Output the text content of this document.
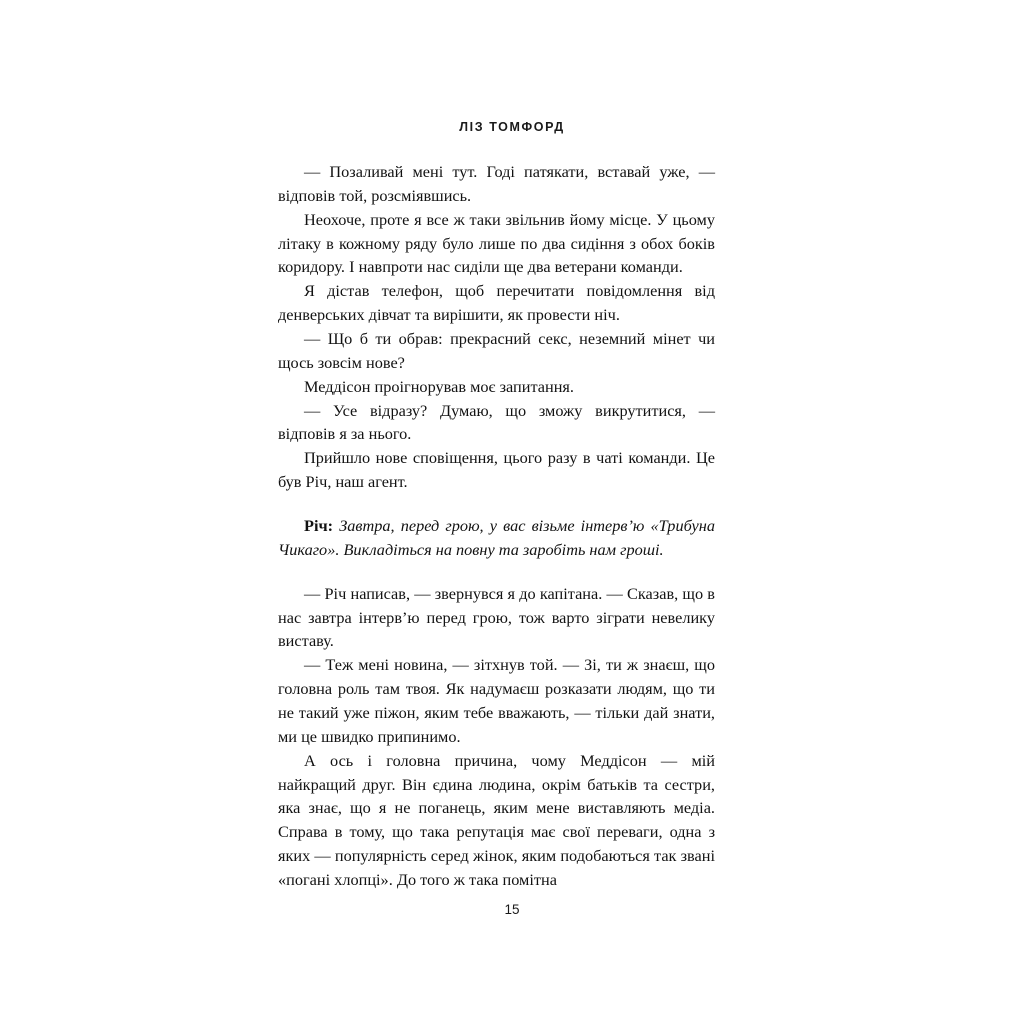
ЛІЗ ТОМФОРД

— Позаливай мені тут. Годі патякати, вставай уже, — відповів той, розсміявшись.

Неохоче, проте я все ж таки звільнив йому місце. У цьому літаку в кожному ряду було лише по два сидіння з обох боків коридору. І навпроти нас сиділи ще два ветерани команди.

Я дістав телефон, щоб перечитати повідомлення від денверських дівчат та вирішити, як провести ніч.

— Що б ти обрав: прекрасний секс, неземний мінет чи щось зовсім нове?

Меддісон проігнорував моє запитання.

— Усе відразу? Думаю, що зможу викрутитися, — відповів я за нього.

Прийшло нове сповіщення, цього разу в чаті команди. Це був Річ, наш агент.

Річ: Завтра, перед грою, у вас візьме інтерв’ю «Трибуна Чикаго». Викладіться на повну та заробіть нам гроші.

— Річ написав, — звернувся я до капітана. — Сказав, що в нас завтра інтерв’ю перед грою, тож варто зіграти невелику виставу.

— Теж мені новина, — зітхнув той. — Зі, ти ж знаєш, що головна роль там твоя. Як надумаєш розказати людям, що ти не такий уже піжон, яким тебе вважають, — тільки дай знати, ми це швидко припинимо.

А ось і головна причина, чому Меддісон — мій найкращий друг. Він єдина людина, окрім батьків та сестри, яка знає, що я не поганець, яким мене виставляють медіа. Справа в тому, що така репутація має свої переваги, одна з яких — популярність серед жінок, яким подобаються так звані «погані хлопці». До того ж така помітна

15
